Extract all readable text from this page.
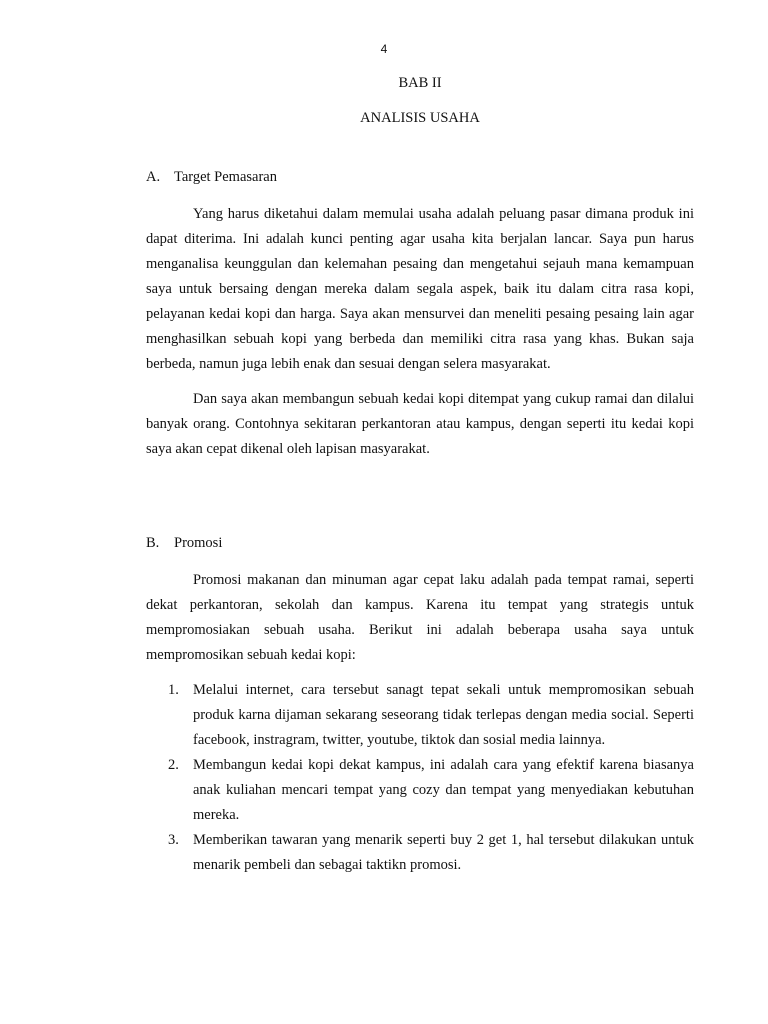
4
BAB II
ANALISIS USAHA
A. Target Pemasaran

Yang harus diketahui dalam memulai usaha adalah peluang pasar dimana produk ini dapat diterima. Ini adalah kunci penting agar usaha kita berjalan lancar. Saya pun harus menganalisa keunggulan dan kelemahan pesaing dan mengetahui sejauh mana kemampuan saya untuk bersaing dengan mereka dalam segala aspek, baik itu dalam citra rasa kopi, pelayanan kedai kopi dan harga. Saya akan mensurvei dan meneliti pesaing pesaing lain agar menghasilkan sebuah kopi yang berbeda dan memiliki citra rasa yang khas. Bukan saja berbeda, namun juga lebih enak dan sesuai dengan selera masyarakat.

Dan saya akan membangun sebuah kedai kopi ditempat yang cukup ramai dan dilalui banyak orang. Contohnya sekitaran perkantoran atau kampus, dengan seperti itu kedai kopi saya akan cepat dikenal oleh lapisan masyarakat.

B. Promosi

Promosi makanan dan minuman agar cepat laku adalah pada tempat ramai, seperti dekat perkantoran, sekolah dan kampus. Karena itu tempat yang strategis untuk mempromosiakan sebuah usaha. Berikut ini adalah beberapa usaha saya untuk mempromosikan sebuah kedai kopi:

1. Melalui internet, cara tersebut sanagt tepat sekali untuk mempromosikan sebuah produk karna dijaman sekarang seseorang tidak terlepas dengan media social. Seperti facebook, instragram, twitter, youtube, tiktok dan sosial media lainnya.
2. Membangun kedai kopi dekat kampus, ini adalah cara yang efektif karena biasanya anak kuliahan mencari tempat yang cozy dan tempat yang menyediakan kebutuhan mereka.
3. Memberikan tawaran yang menarik seperti buy 2 get 1, hal tersebut dilakukan untuk menarik pembeli dan sebagai taktikn promosi.
